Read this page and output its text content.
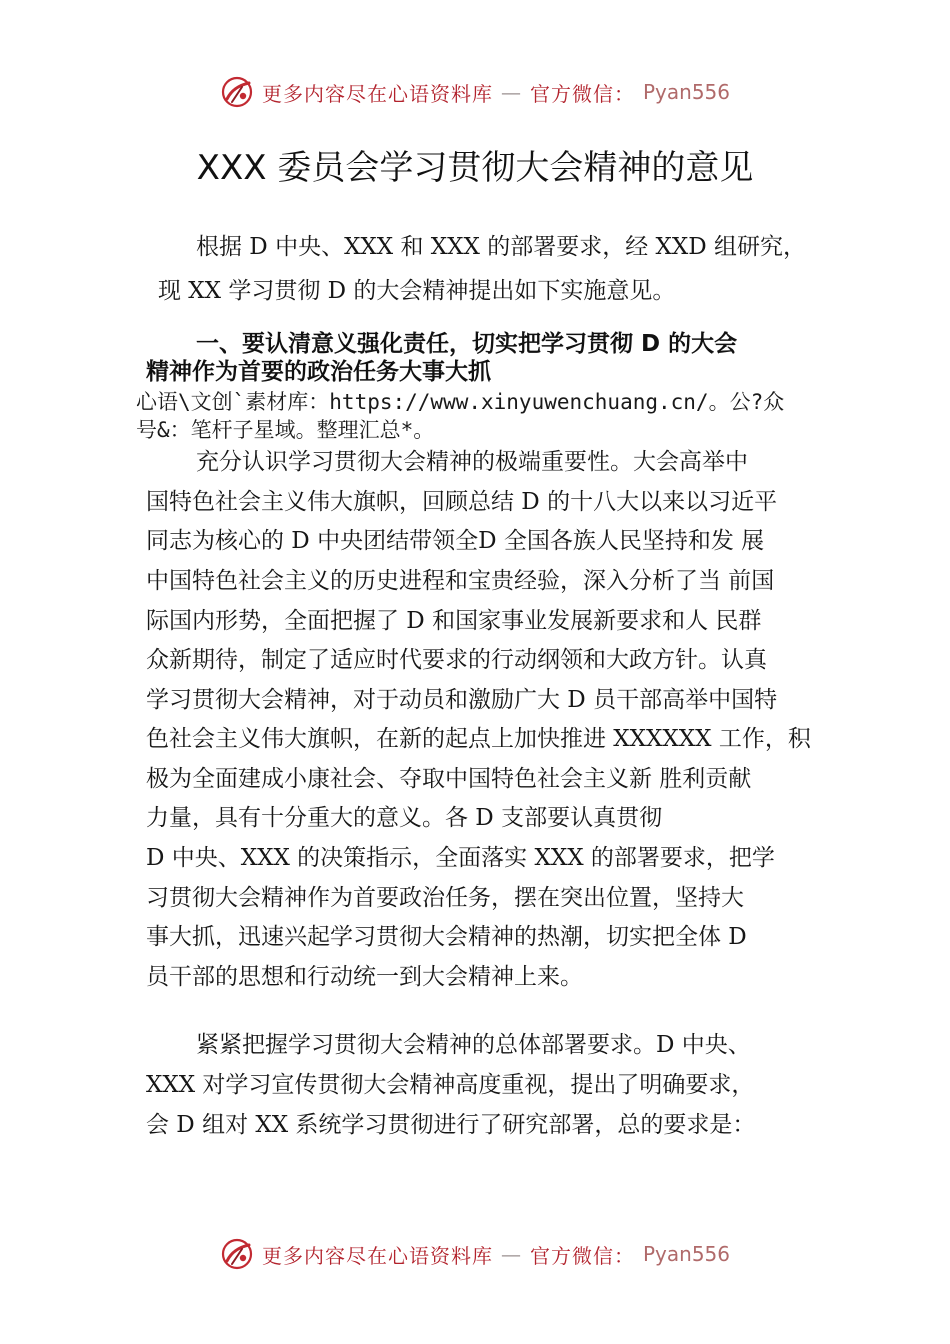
更多内容尽在心语资料库 — 官方微信： Pyan556
XXX 委员会学习贯彻大会精神的意见
根据 D 中央、XXX 和 XXX 的部署要求，经 XXD 组研究，
现 XX 学习贯彻 D 的大会精神提出如下实施意见。
一、要认清意义强化责任，切实把学习贯彻 D 的大会
精神作为首要的政治任务大事大抓
心语\文创`素材库：https://www.xinyuwenchuang.cn/。公?众
号&：笔杆子星域。整理汇总*。
充分认识学习贯彻大会精神的极端重要性。大会高举中
国特色社会主义伟大旗帜，回顾总结 D 的十八大以来以习近平
同志为核心的 D 中央团结带领全D 全国各族人民坚持和发 展
中国特色社会主义的历史进程和宝贵经验，深入分析了当 前国
际国内形势，全面把握了 D 和国家事业发展新要求和人 民群
众新期待，制定了适应时代要求的行动纲领和大政方针。认真
学习贯彻大会精神，对于动员和激励广大 D 员干部高举中国特
色社会主义伟大旗帜，在新的起点上加快推进 XXXXXX 工作，积
极为全面建成小康社会、夺取中国特色社会主义新 胜利贡献
力量，具有十分重大的意义。各 D 支部要认真贯彻
D 中央、XXX 的决策指示，全面落实 XXX 的部署要求，把学
习贯彻大会精神作为首要政治任务，摆在突出位置，坚持大
事大抓，迅速兴起学习贯彻大会精神的热潮，切实把全体 D
员干部的思想和行动统一到大会精神上来。
紧紧把握学习贯彻大会精神的总体部署要求。D 中央、
XXX 对学习宣传贯彻大会精神高度重视，提出了明确要求，
会 D 组对 XX 系统学习贯彻进行了研究部署，总的要求是：
更多内容尽在心语资料库 — 官方微信： Pyan556
